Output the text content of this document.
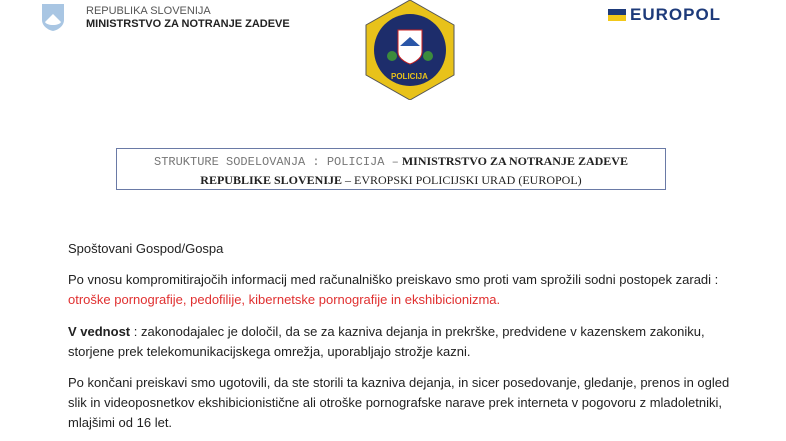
REPUBLIKA SLOVENIJA
MINISTRSTVO ZA NOTRANJE ZADEVE
POLICIJA
EUROPOL
STRUKTURE SODELOVANJA : POLICIJA – MINISTRSTVO ZA NOTRANJE ZADEVE
REPUBLIKE SLOVENIJE – EVROPSKI POLICIJSKI URAD (EUROPOL)
Spoštovani Gospod/Gospa
Po vnosu kompromitirajočih informacij med računalniško preiskavo smo proti vam sprožili sodni postopek zaradi : otroške pornografije, pedofilije, kibernetske pornografije in ekshibicionizma.
V vednost : zakonodajalec je določil, da se za kazniva dejanja in prekrške, predvidene v kazenskem zakoniku, storjene prek telekomunikacijskega omrežja, uporabljajo strožje kazni.
Po končani preiskavi smo ugotovili, da ste storili ta kazniva dejanja, in sicer posedovanje, gledanje, prenos in ogled slik in videoposnetkov ekshibicionistične ali otroške pornografske narave prek interneta v pogovoru z mladoletniki, mlajšimi od 16 let.
